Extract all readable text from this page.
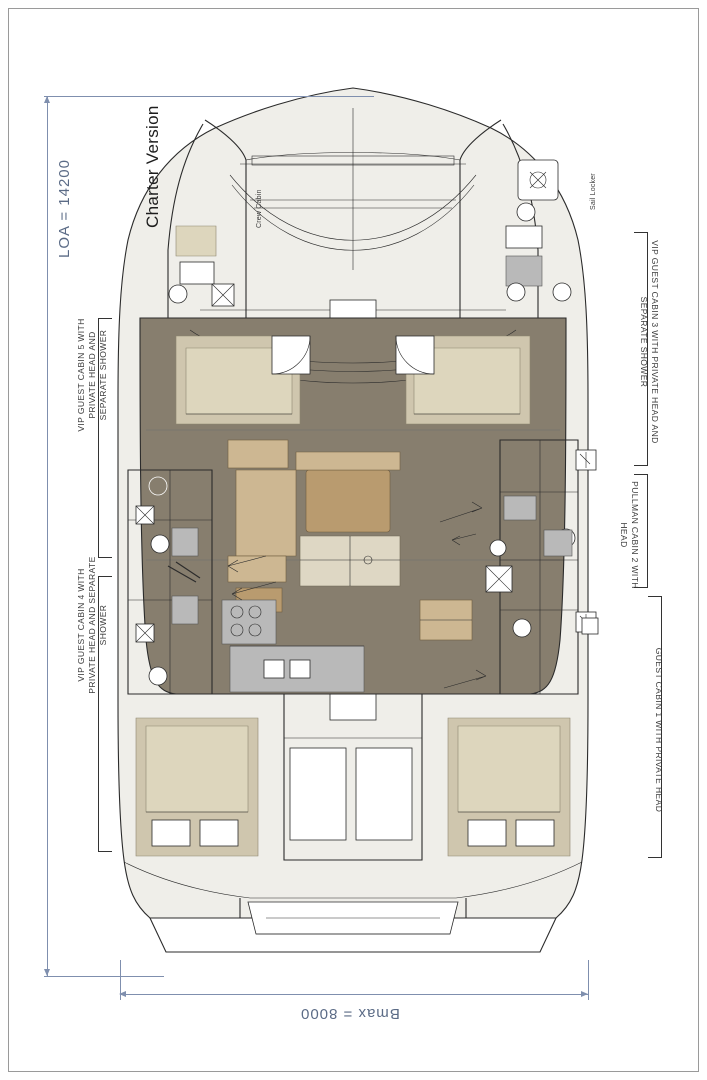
Charter Version
LOA = 14200
Bmax = 8000
Crew Cabin	Sail Locker
VIP GUEST CABIN 5 WITH PRIVATE HEAD AND SEPARATE SHOWER
VIP GUEST CABIN 4 WITH PRIVATE HEAD AND SEPARATE SHOWER
VIP GUEST CABIN 3 WITH PRIVATE HEAD AND SEPARATE SHOWER
PULLMAN CABIN 2 WITH HEAD
GUEST CABIN 1 WITH PRIVATE HEAD
